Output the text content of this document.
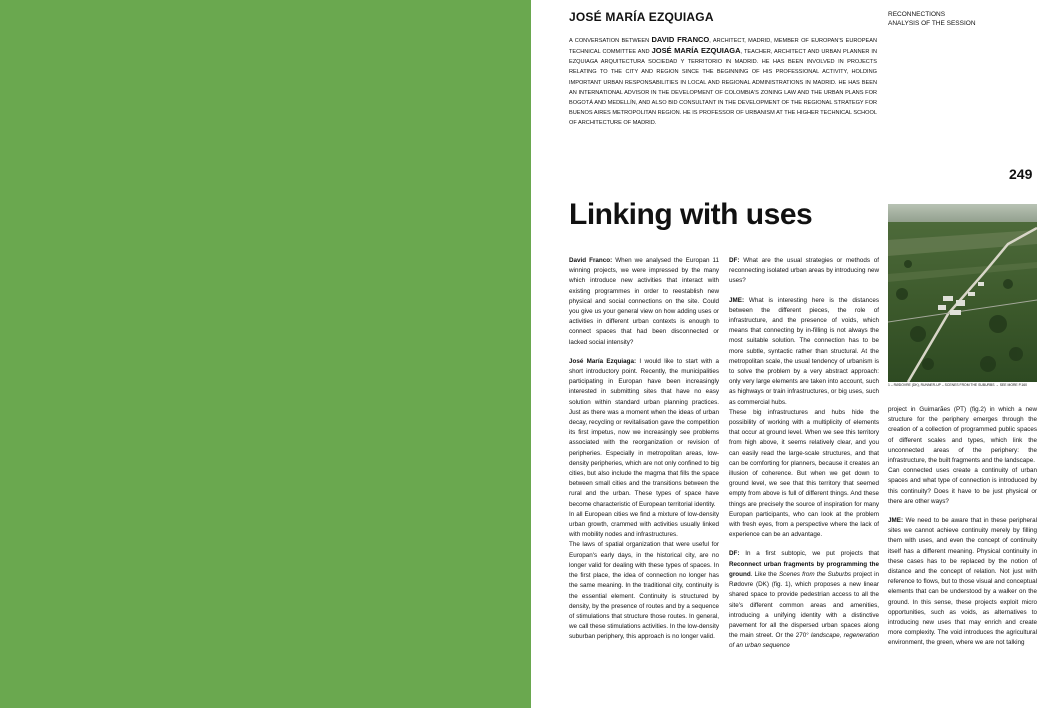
JOSÉ MARÍA EZQUIAGA	RECONNECTIONS
ANALYSIS OF THE SESSION
A CONVERSATION BETWEEN DAVID FRANCO, ARCHITECT, MADRID, MEMBER OF EUROPAN'S EUROPEAN TECHNICAL COMMITTEE AND JOSÉ MARÍA EZQUIAGA, TEACHER, ARCHITECT AND URBAN PLANNER IN EZQUIAGA ARQUITECTURA SOCIEDAD Y TERRITORIO IN MADRID. HE HAS BEEN INVOLVED IN PROJECTS RELATING TO THE CITY AND REGION SINCE THE BEGINNING OF HIS PROFESSIONAL ACTIVITY, HOLDING IMPORTANT URBAN RESPONSABILITIES IN LOCAL AND REGIONAL ADMINISTRATIONS IN MADRID. HE HAS BEEN AN INTERNATIONAL ADVISOR IN THE DEVELOPMENT OF COLOMBIA'S ZONING LAW AND THE URBAN PLANS FOR BOGOTÁ AND MEDELLÍN, AND ALSO BID CONSULTANT IN THE DEVELOPMENT OF THE REGIONAL STRATEGY FOR BUENOS AIRES METROPOLITAN REGION. HE IS PROFESSOR OF URBANISM AT THE HIGHER TECHNICAL SCHOOL OF ARCHITECTURE OF MADRID.
249
Linking with uses

David Franco: When we analysed the Europan 11 winning projects, we were impressed by the many which introduce new activities that interact with existing programmes in order to reestablish new physical and social connections on the site. Could you give us your general view on how adding uses or activities in different urban contexts is enough to connect spaces that had been disconnected or lacked social intensity?

José María Ezquiaga: I would like to start with a short introductory point. Recently, the municipalities participating in Europan have been increasingly interested in submitting sites that have no easy solution within standard urban planning practices. Just as there was a moment when the ideas of urban decay, recycling or revitalisation gave the competition its first impetus, now we increasingly see problems associated with the reorganization or revision of peripheries. Especially in metropolitan areas, low-density peripheries, which are not only confined to big cities, but also include the magma that fills the space between small cities and the transitions between the rural and the urban. These types of space have become characteristic of European territorial identity.
In all European cities we find a mixture of low-density urban growth, crammed with activities usually linked with mobility nodes and infrastructures.
The laws of spatial organization that were useful for Europan's early days, in the historical city, are no longer valid for dealing with these types of spaces. In the first place, the idea of connection no longer has the same meaning. In the traditional city, continuity is the essential element. Continuity is structured by density, by the presence of routes and by a sequence of stimulations that structure those routes. In general, we call these stimulations activities. In the low-density suburban periphery, this approach is no longer valid.

DF: What are the usual strategies or methods of reconnecting isolated urban areas by introducing new uses?

JME: What is interesting here is the distances between the different pieces, the role of infrastructure, and the presence of voids, which means that connecting by in-filling is not always the most suitable solution. The connection has to be more subtle, syntactic rather than structural. At the metropolitan scale, the usual tendency of urbanism is to solve the problem by a very abstract approach: only very large elements are taken into account, such as highways or train infrastructures, or big uses, such as commercial hubs.
These big infrastructures and hubs hide the possibility of working with a multiplicity of elements that occur at ground level. When we see this territory from high above, it seems relatively clear, and you can easily read the large-scale structures, and that can be comforting for planners, because it creates an illusion of coherence. But when we get down to ground level, we see that this territory that seemed empty from above is full of different things. And these things are precisely the source of inspiration for many Europan participants, who can look at the problem with fresh eyes, from a perspective where the lack of experience can be an advantage.

DF: In a first subtopic, we put projects that Reconnect urban fragments by programming the ground. Like the Scenes from the Suburbs project in Rødovre (DK) (fig. 1), which proposes a new linear shared space to provide pedestrian access to all the site's different common areas and amenities, introducing a unifying identity with a distinctive pavement for all the dispersed urban spaces along the main street. Or the 270° landscape, regeneration of an urban sequence

1 – RØDOVRE (DK), RUNNER-UP – SCENES FROM THE SUBURBS → SEE MORE P.160

project in Guimarães (PT) (fig.2) in which a new structure for the periphery emerges through the creation of a collection of programmed public spaces of different scales and types, which link the unconnected areas of the periphery: the infrastructure, the built fragments and the landscape.
Can connected uses create a continuity of urban spaces and what type of connection is introduced by this continuity? Does it have to be just physical or there are other ways?

JME: We need to be aware that in these peripheral sites we cannot achieve continuity merely by filling them with uses, and even the concept of continuity itself has a different meaning. Physical continuity in these cases has to be replaced by the notion of distance and the concept of relation. Not just with reference to flows, but to those visual and conceptual elements that can be understood by a walker on the ground. In this sense, these projects exploit micro opportunities, such as voids, as alternatives to introducing new uses that may enrich and create more complexity. The void introduces the agricultural environment, the green, where we are not talking
